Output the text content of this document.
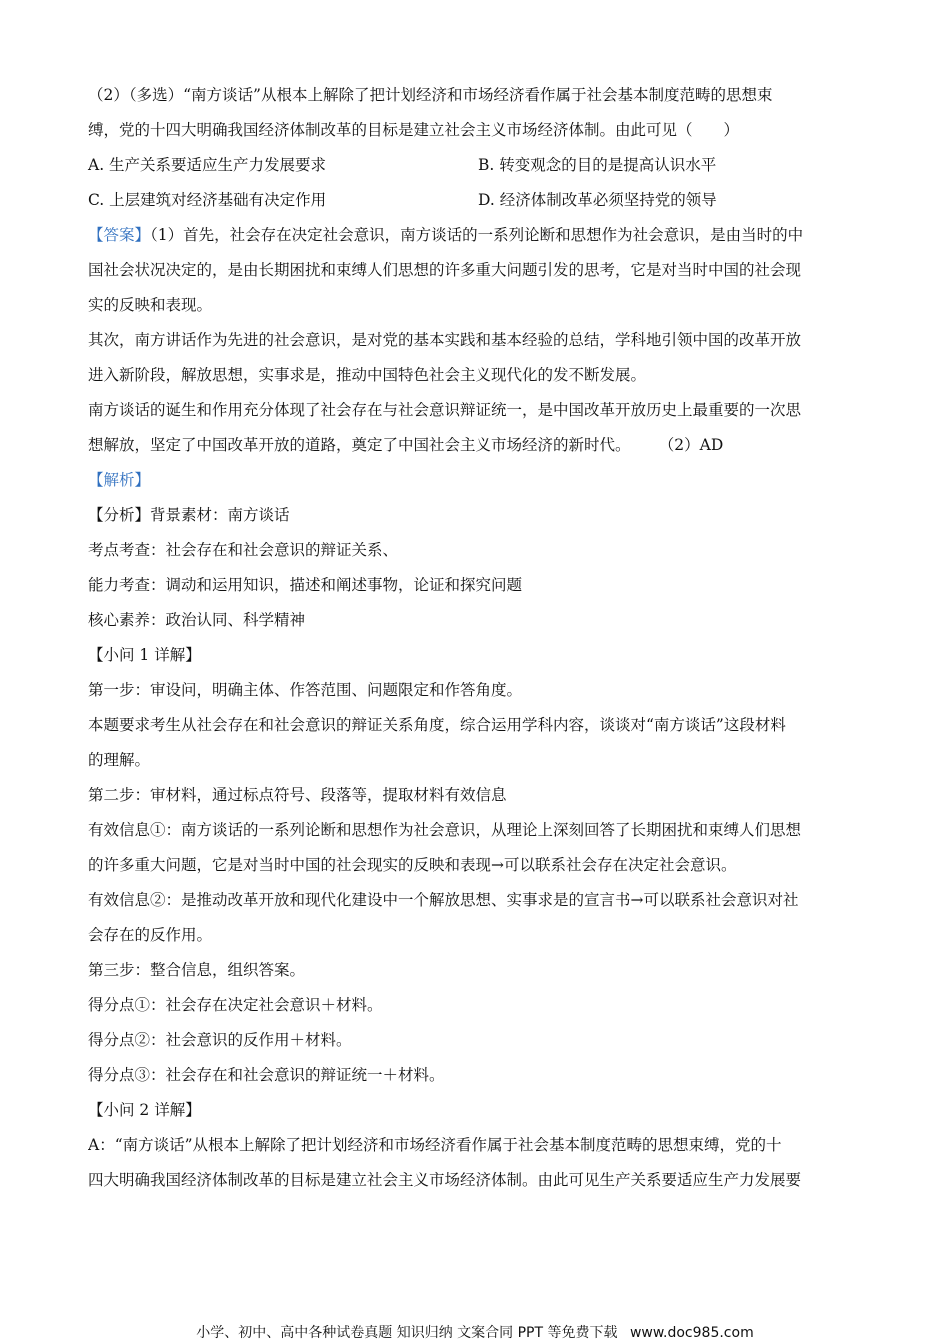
（2）（多选）“南方谈话”从根本上解除了把计划经济和市场经济看作属于社会基本制度范畴的思想束
缚，党的十四大明确我国经济体制改革的目标是建立社会主义市场经济体制。由此可见（　　）
A. 生产关系要适应生产力发展要求	B. 转变观念的目的是提高认识水平
C. 上层建筑对经济基础有决定作用	D. 经济体制改革必须坚持党的领导
【答案】（1）首先，社会存在决定社会意识，南方谈话的一系列论断和思想作为社会意识，是由当时的中
国社会状况决定的，是由长期困扰和束缚人们思想的许多重大问题引发的思考，它是对当时中国的社会现
实的反映和表现。
其次，南方讲话作为先进的社会意识，是对党的基本实践和基本经验的总结，学科地引领中国的改革开放
进入新阶段，解放思想，实事求是，推动中国特色社会主义现代化的发不断发展。
南方谈话的诞生和作用充分体现了社会存在与社会意识辩证统一，是中国改革开放历史上最重要的一次思
想解放，坚定了中国改革开放的道路，奠定了中国社会主义市场经济的新时代。 （2）AD
【解析】
【分析】背景素材：南方谈话
考点考查：社会存在和社会意识的辩证关系、
能力考查：调动和运用知识，描述和阐述事物，论证和探究问题
核心素养：政治认同、科学精神
【小问 1 详解】
第一步：审设问，明确主体、作答范围、问题限定和作答角度。
本题要求考生从社会存在和社会意识的辩证关系角度，综合运用学科内容，谈谈对“南方谈话”这段材料
的理解。
第二步：审材料，通过标点符号、段落等，提取材料有效信息
有效信息①：南方谈话的一系列论断和思想作为社会意识，从理论上深刻回答了长期困扰和束缚人们思想
的许多重大问题，它是对当时中国的社会现实的反映和表现→可以联系社会存在决定社会意识。
有效信息②：是推动改革开放和现代化建设中一个解放思想、实事求是的宣言书→可以联系社会意识对社
会存在的反作用。
第三步：整合信息，组织答案。
得分点①：社会存在决定社会意识＋材料。
得分点②：社会意识的反作用＋材料。
得分点③：社会存在和社会意识的辩证统一＋材料。
【小问 2 详解】
A：“南方谈话”从根本上解除了把计划经济和市场经济看作属于社会基本制度范畴的思想束缚，党的十
四大明确我国经济体制改革的目标是建立社会主义市场经济体制。由此可见生产关系要适应生产力发展要
小学、初中、高中各种试卷真题 知识归纳 文案合同 PPT 等免费下载 www.doc985.com
